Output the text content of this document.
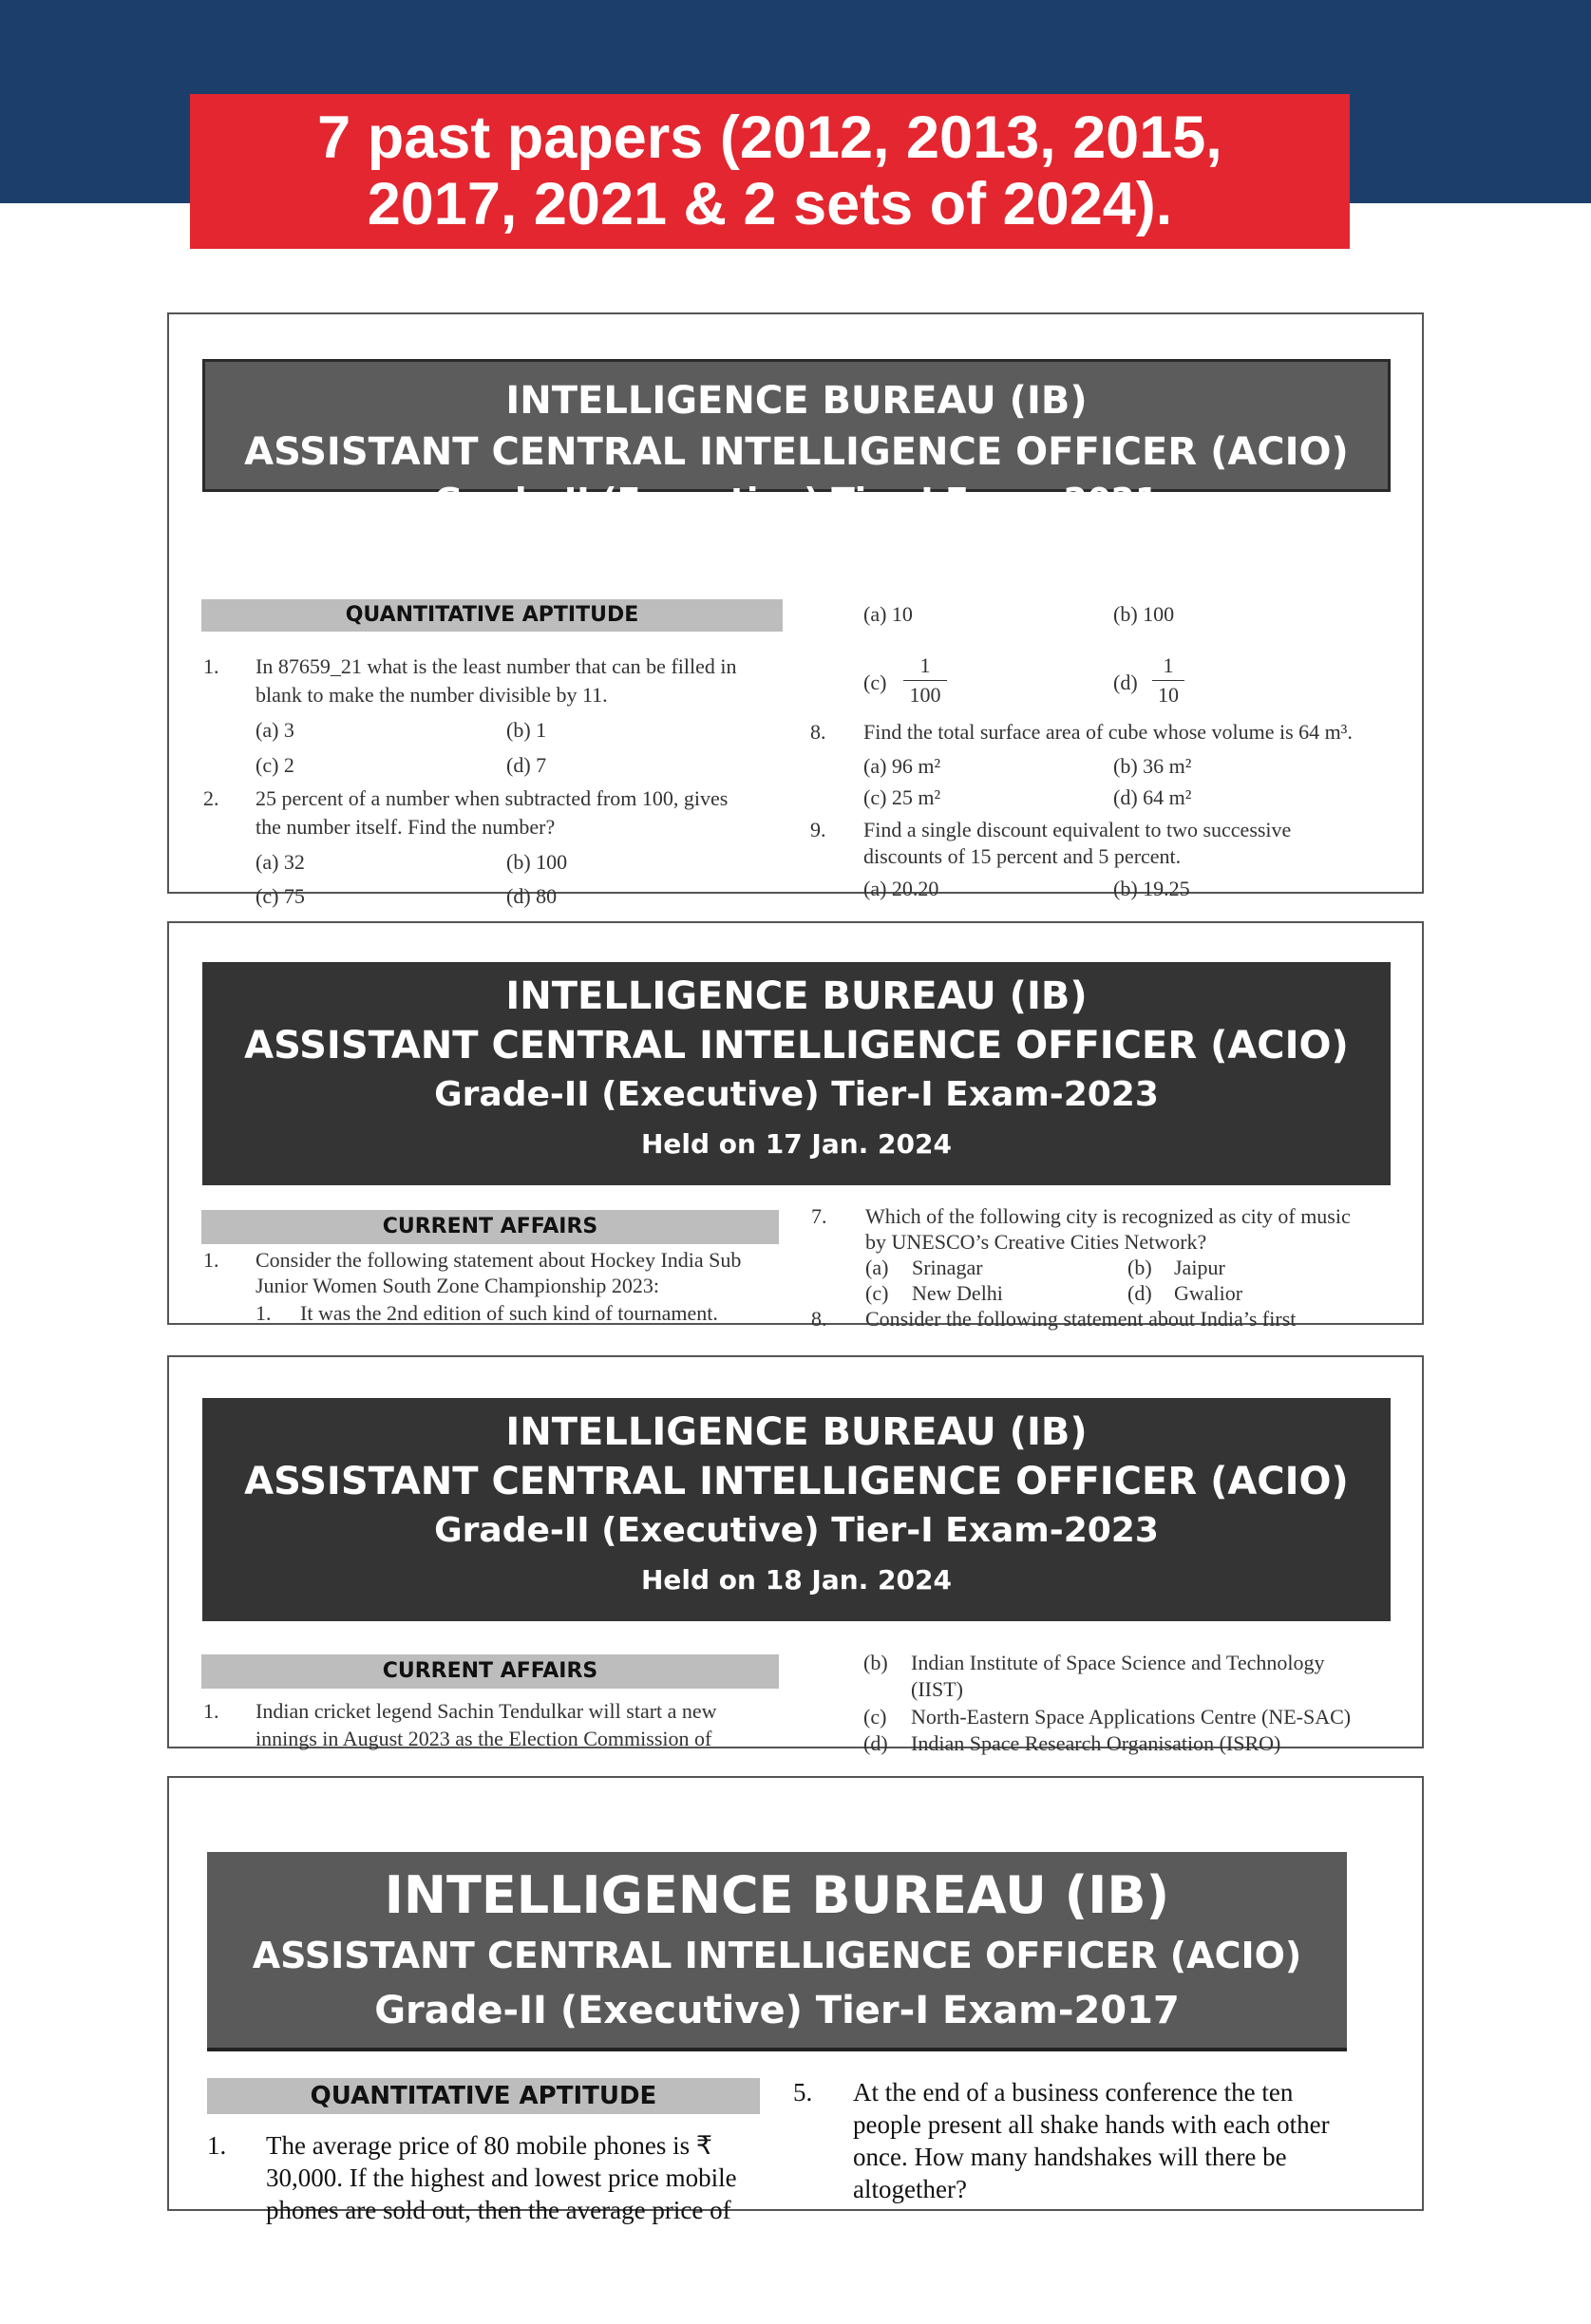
7 past papers (2012, 2013, 2015,
2017, 2021 & 2 sets of 2024).
INTELLIGENCE BUREAU (IB)
ASSISTANT CENTRAL INTELLIGENCE OFFICER (ACIO)
Grade-II (Executive) Tier-I Exam-2021
QUANTITATIVE APTITUDE
1. In 87659_21 what is the least number that can be filled in
blank to make the number divisible by 11.
(a) 3	(b) 1
(c) 2	(d) 7
2. 25 percent of a number when subtracted from 100, gives
the number itself. Find the number?
(a) 32	(b) 100
(c) 75	(d) 80
(a) 10	(b) 100
$(c) \frac{1}{100}$	$(d) \frac{1}{10}$
8. Find the total surface area of cube whose volume is 64 m³.
(a) 96 m²	(b) 36 m²
(c) 25 m²	(d) 64 m²
9. Find a single discount equivalent to two successive
discounts of 15 percent and 5 percent.
(a) 20.20	(b) 19.25
INTELLIGENCE BUREAU (IB)
ASSISTANT CENTRAL INTELLIGENCE OFFICER (ACIO)
Grade-II (Executive) Tier-I Exam-2023
Held on 17 Jan. 2024
CURRENT AFFAIRS
1. Consider the following statement about Hockey India Sub
Junior Women South Zone Championship 2023:
1. It was the 2nd edition of such kind of tournament.
7. Which of the following city is recognized as city of music
by UNESCO’s Creative Cities Network?
(a) Srinagar	(b) Jaipur
(c) New Delhi	(d) Gwalior
8. Consider the following statement about India’s first
INTELLIGENCE BUREAU (IB)
ASSISTANT CENTRAL INTELLIGENCE OFFICER (ACIO)
Grade-II (Executive) Tier-I Exam-2023
Held on 18 Jan. 2024
CURRENT AFFAIRS
1. Indian cricket legend Sachin Tendulkar will start a new
innings in August 2023 as the Election Commission of
(b) Indian Institute of Space Science and Technology
(IIST)
(c) North-Eastern Space Applications Centre (NE-SAC)
(d) Indian Space Research Organisation (ISRO)
INTELLIGENCE BUREAU (IB)
ASSISTANT CENTRAL INTELLIGENCE OFFICER (ACIO)
Grade-II (Executive) Tier-I Exam-2017
QUANTITATIVE APTITUDE
1. The average price of 80 mobile phones is ₹
30,000. If the highest and lowest price mobile
phones are sold out, then the average price of
5. At the end of a business conference the ten
people present all shake hands with each other
once. How many handshakes will there be
altogether?
